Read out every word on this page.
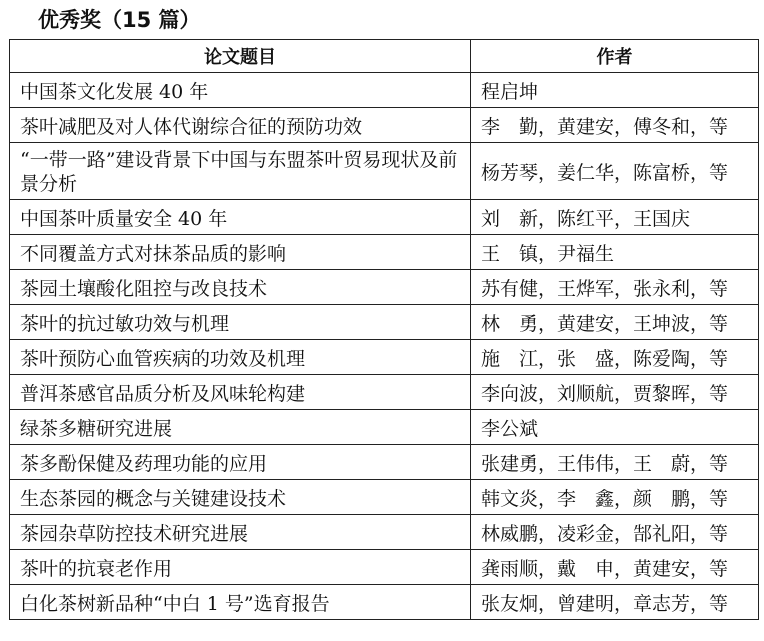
优秀奖（15 篇）
论文题目	作者
中国茶文化发展 40 年	程启坤
茶叶减肥及对人体代谢综合征的预防功效	李　勤，黄建安，傅冬和，等
“一带一路”建设背景下中国与东盟茶叶贸易现状及前景分析	杨芳琴，姜仁华，陈富桥，等
中国茶叶质量安全 40 年	刘　新，陈红平，王国庆
不同覆盖方式对抹茶品质的影响	王　镇，尹福生
茶园土壤酸化阻控与改良技术	苏有健，王烨军，张永利，等
茶叶的抗过敏功效与机理	林　勇，黄建安，王坤波，等
茶叶预防心血管疾病的功效及机理	施　江，张　盛，陈爱陶，等
普洱茶感官品质分析及风味轮构建	李向波，刘顺航，贾黎晖，等
绿茶多糖研究进展	李公斌
茶多酚保健及药理功能的应用	张建勇，王伟伟，王　蔚，等
生态茶园的概念与关键建设技术	韩文炎，李　鑫，颜　鹏，等
茶园杂草防控技术研究进展	林威鹏，凌彩金，郜礼阳，等
茶叶的抗衰老作用	龚雨顺，戴　申，黄建安，等
白化茶树新品种“中白 1 号”选育报告	张友炯，曾建明，章志芳，等
